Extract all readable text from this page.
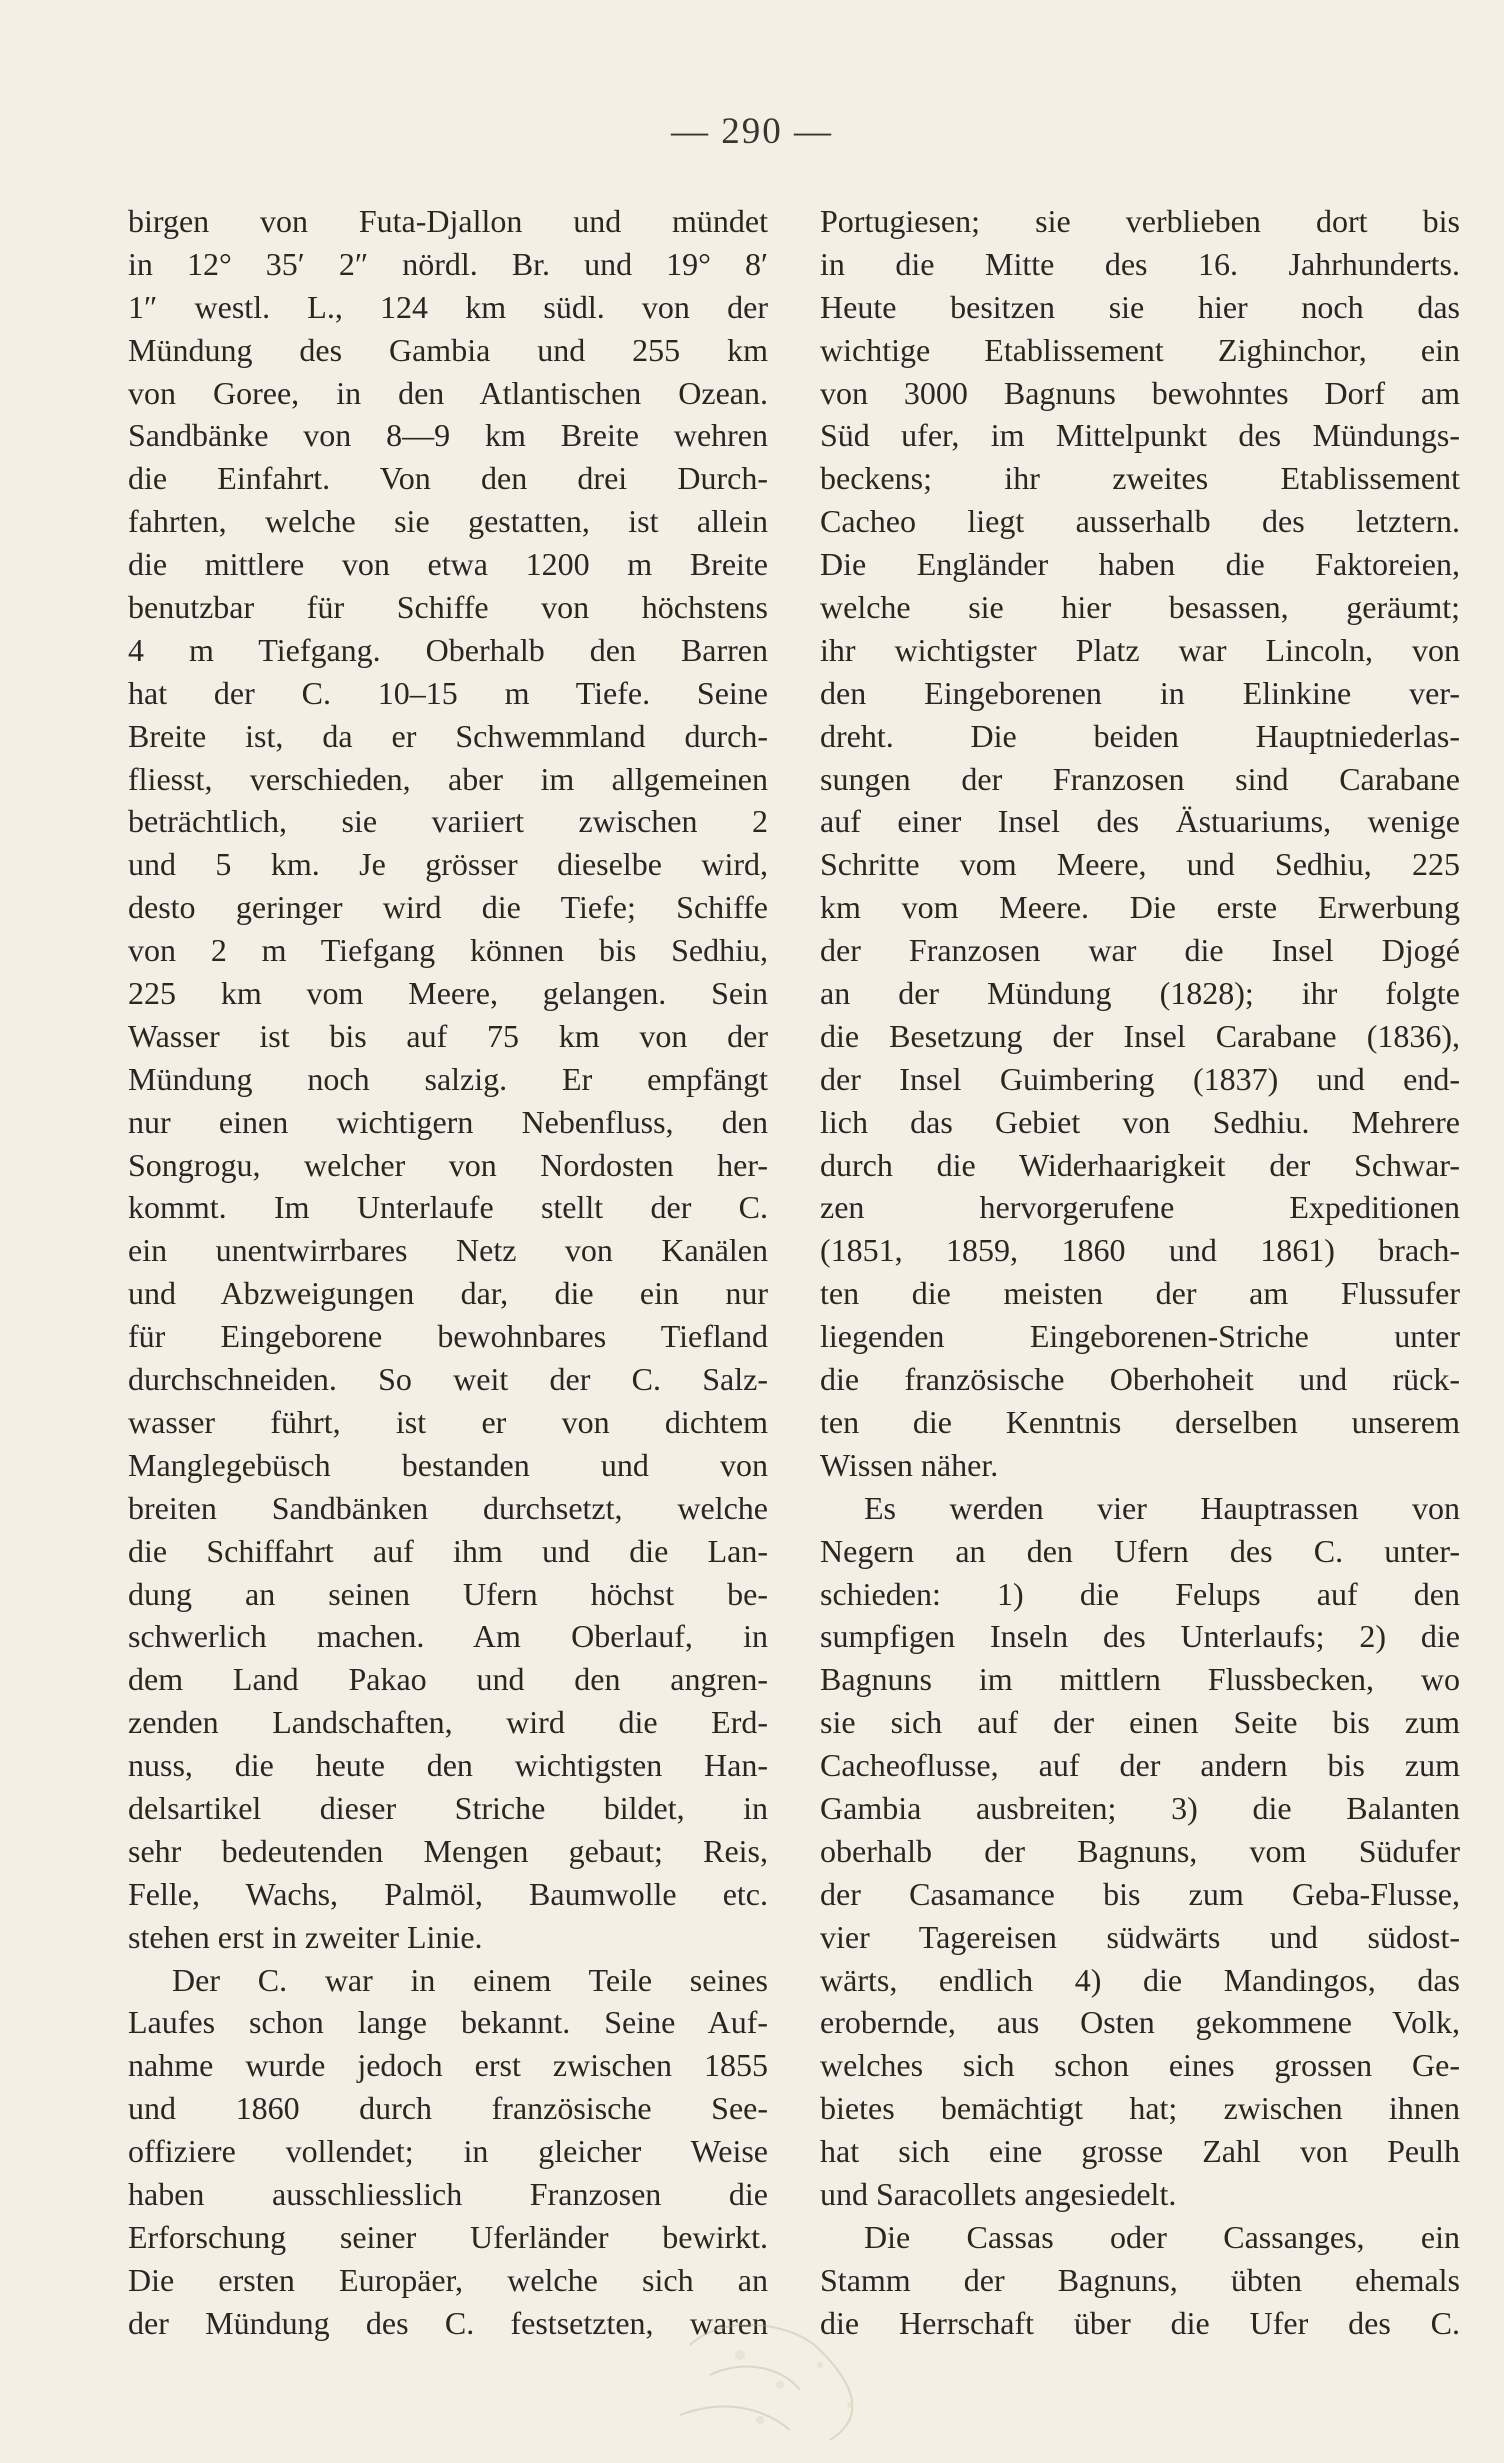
— 290 —
birgen von Futa-Djallon und mündet
in 12° 35′ 2″ nördl. Br. und 19° 8′
1″ westl. L., 124 km südl. von der
Mündung des Gambia und 255 km
von Goree, in den Atlantischen Ozean.
Sandbänke von 8—9 km Breite wehren
die Einfahrt. Von den drei Durch-
fahrten, welche sie gestatten, ist allein
die mittlere von etwa 1200 m Breite
benutzbar für Schiffe von höchstens
4 m Tiefgang. Oberhalb den Barren
hat der C. 10–15 m Tiefe. Seine
Breite ist, da er Schwemmland durch-
fliesst, verschieden, aber im allgemeinen
beträchtlich, sie variiert zwischen 2
und 5 km. Je grösser dieselbe wird,
desto geringer wird die Tiefe; Schiffe
von 2 m Tiefgang können bis Sedhiu,
225 km vom Meere, gelangen. Sein
Wasser ist bis auf 75 km von der
Mündung noch salzig. Er empfängt
nur einen wichtigern Nebenfluss, den
Songrogu, welcher von Nordosten her-
kommt. Im Unterlaufe stellt der C.
ein unentwirrbares Netz von Kanälen
und Abzweigungen dar, die ein nur
für Eingeborene bewohnbares Tiefland
durchschneiden. So weit der C. Salz-
wasser führt, ist er von dichtem
Manglegebüsch bestanden und von
breiten Sandbänken durchsetzt, welche
die Schiffahrt auf ihm und die Lan-
dung an seinen Ufern höchst be-
schwerlich machen. Am Oberlauf, in
dem Land Pakao und den angren-
zenden Landschaften, wird die Erd-
nuss, die heute den wichtigsten Han-
delsartikel dieser Striche bildet, in
sehr bedeutenden Mengen gebaut; Reis,
Felle, Wachs, Palmöl, Baumwolle etc.
stehen erst in zweiter Linie.
Der C. war in einem Teile seines
Laufes schon lange bekannt. Seine Auf-
nahme wurde jedoch erst zwischen 1855
und 1860 durch französische See-
offiziere vollendet; in gleicher Weise
haben ausschliesslich Franzosen die
Erforschung seiner Uferländer bewirkt.
Die ersten Europäer, welche sich an
der Mündung des C. festsetzten, waren
Portugiesen; sie verblieben dort bis
in die Mitte des 16. Jahrhunderts.
Heute besitzen sie hier noch das
wichtige Etablissement Zighinchor, ein
von 3000 Bagnuns bewohntes Dorf am
Süd ufer, im Mittelpunkt des Mündungs-
beckens; ihr zweites Etablissement
Cacheo liegt ausserhalb des letztern.
Die Engländer haben die Faktoreien,
welche sie hier besassen, geräumt;
ihr wichtigster Platz war Lincoln, von
den Eingeborenen in Elinkine ver-
dreht. Die beiden Hauptniederlas-
sungen der Franzosen sind Carabane
auf einer Insel des Ästuariums, wenige
Schritte vom Meere, und Sedhiu, 225
km vom Meere. Die erste Erwerbung
der Franzosen war die Insel Djogé
an der Mündung (1828); ihr folgte
die Besetzung der Insel Carabane (1836),
der Insel Guimbering (1837) und end-
lich das Gebiet von Sedhiu. Mehrere
durch die Widerhaarigkeit der Schwar-
zen hervorgerufene Expeditionen
(1851, 1859, 1860 und 1861) brach-
ten die meisten der am Flussufer
liegenden Eingeborenen-Striche unter
die französische Oberhoheit und rück-
ten die Kenntnis derselben unserem
Wissen näher.
Es werden vier Hauptrassen von
Negern an den Ufern des C. unter-
schieden: 1) die Felups auf den
sumpfigen Inseln des Unterlaufs; 2) die
Bagnuns im mittlern Flussbecken, wo
sie sich auf der einen Seite bis zum
Cacheoflusse, auf der andern bis zum
Gambia ausbreiten; 3) die Balanten
oberhalb der Bagnuns, vom Südufer
der Casamance bis zum Geba-Flusse,
vier Tagereisen südwärts und südost-
wärts, endlich 4) die Mandingos, das
erobernde, aus Osten gekommene Volk,
welches sich schon eines grossen Ge-
bietes bemächtigt hat; zwischen ihnen
hat sich eine grosse Zahl von Peulh
und Saracollets angesiedelt.
Die Cassas oder Cassanges, ein
Stamm der Bagnuns, übten ehemals
die Herrschaft über die Ufer des C.
